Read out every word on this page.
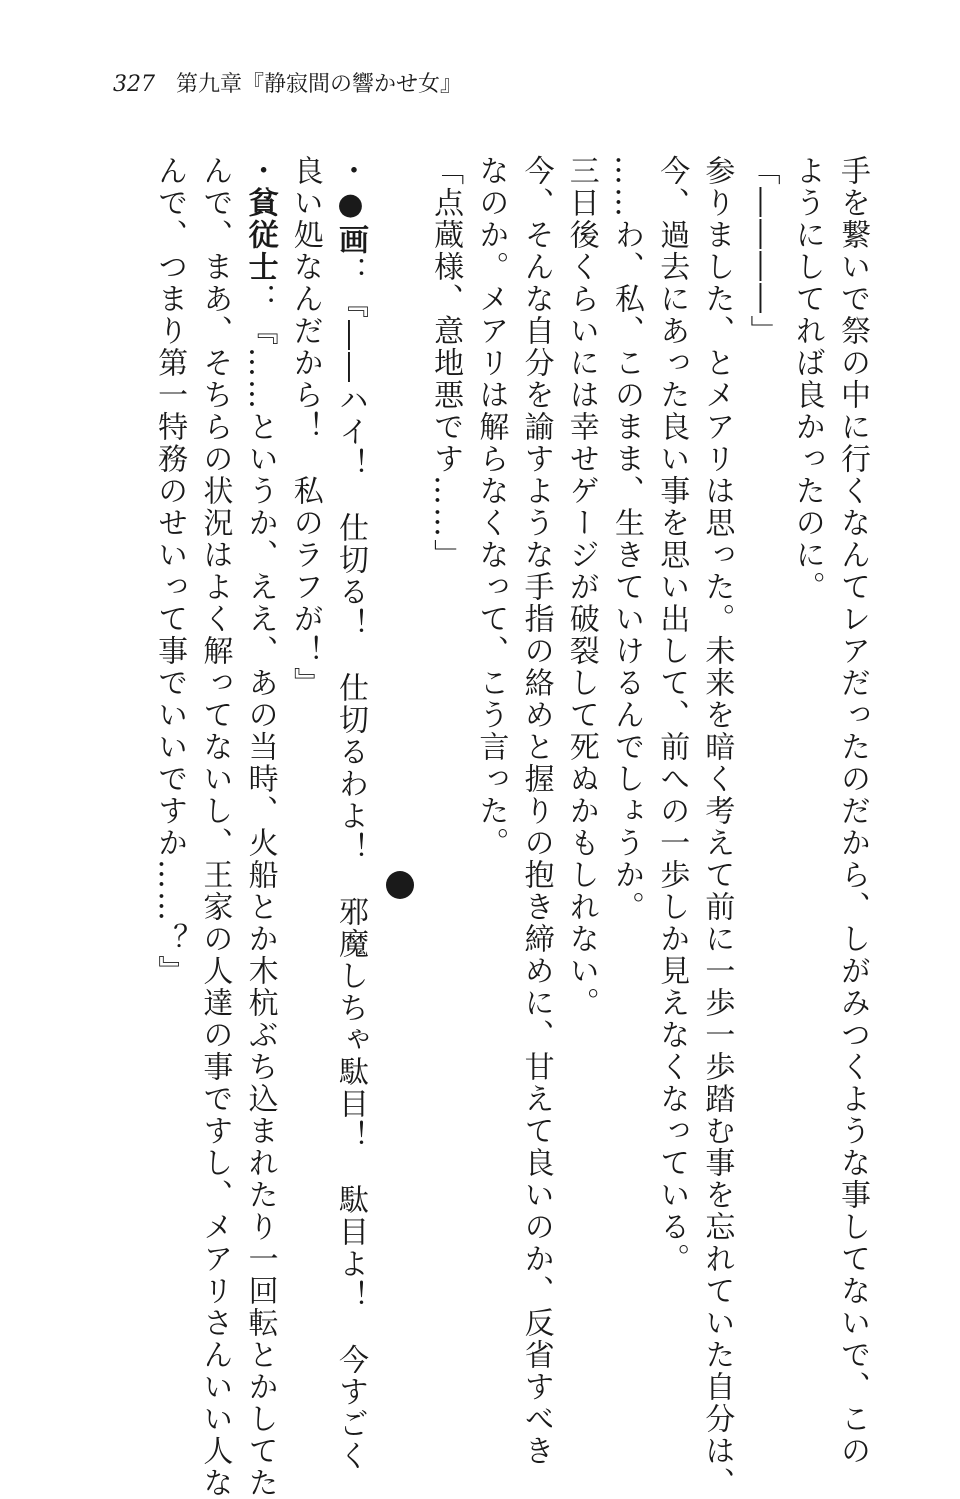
327 第九章『静寂間の響かせ女』
手を繋いで祭の中に行くなんてレアだったのだから、しがみつくような事してないで、この
ようにしてれば良かったのに。
「――――」
参りました、とメアリは思った。未来を暗く考えて前に一歩一歩踏む事を忘れていた自分は、
今、過去にあった良い事を思い出して、前への一歩しか見えなくなっている。
……わ、私、このまま、生きていけるんでしょうか。
三日後くらいには幸せゲージが破裂して死ぬかもしれない。
今、そんな自分を諭すような手指の絡めと握りの抱き締めに、甘えて良いのか、反省すべき
なのか。メアリは解らなくなって、こう言った。
「点蔵様、意地悪です……」
・●画：『――ハイ！　仕切る！　仕切るわよ！　邪魔しちゃ駄目！　駄目よ！　今すごく
良い処なんだから！　私のラフが！』
・貧従士：『……というか、ええ、あの当時、火船とか木杭ぶち込まれたり一回転とかしてた
んで、まあ、そちらの状況はよく解ってないし、王家の人達の事ですし、メアリさんいい人な
んで、つまり第一特務のせいって事でいいですか……？』
